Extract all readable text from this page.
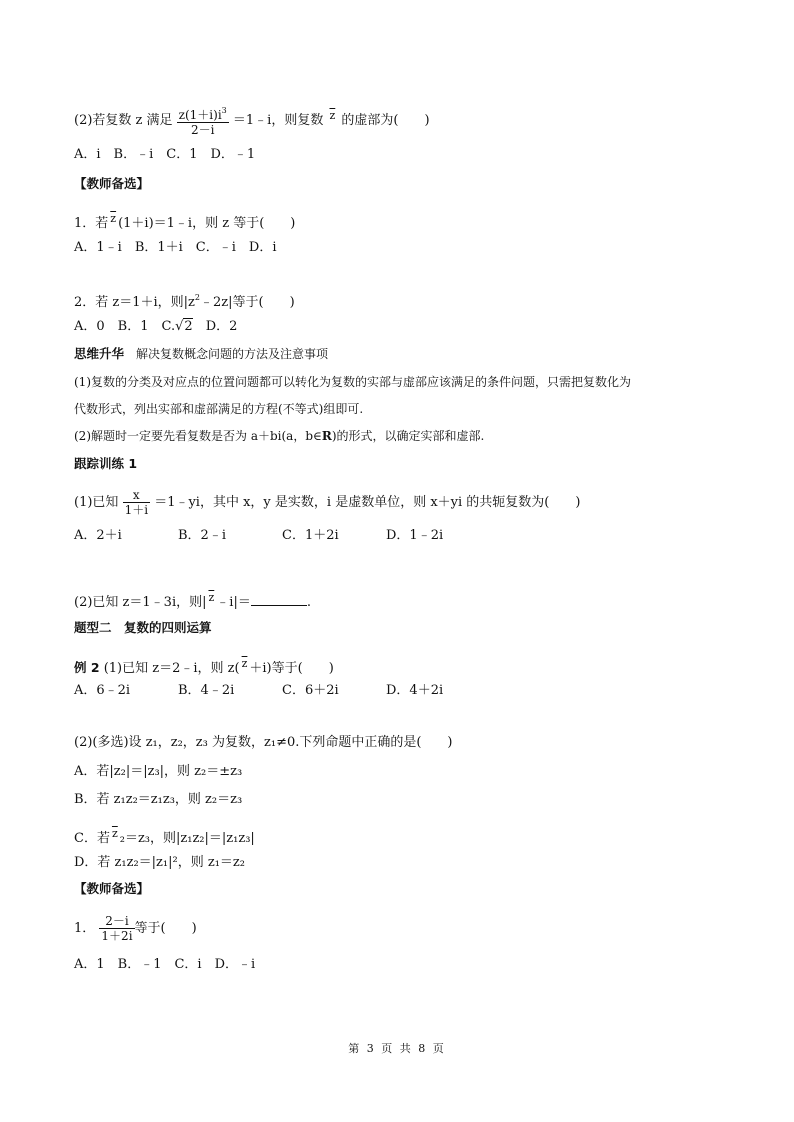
(2)若复数 z 满足 $\frac{z(1+i)i^3}{2-i}$ ＝1﹣i，则复数 $\overline{z}$ 的虚部为(　　)
A．i　B．﹣i　C．1　D．﹣1
【教师备选】
1．若 $\overline{z}$ (1＋i)＝1﹣i，则 z 等于(　　)
A．1﹣i　B．1＋i　C．﹣i　D．i
2．若 z＝1＋i，则$|z^2﹣2z|$等于(　　)
A．0　B．1　C.√2　D．2
思维升华　解决复数概念问题的方法及注意事项
(1)复数的分类及对应点的位置问题都可以转化为复数的实部与虚部应该满足的条件问题，只需把复数化为
代数形式，列出实部和虚部满足的方程(不等式)组即可.
(2)解题时一定要先看复数是否为 a＋bi(a，b∈R)的形式，以确定实部和虚部.
跟踪训练 1
(1)已知 $\frac{x}{1+i}$ ＝1﹣yi，其中 x，y 是实数，i 是虚数单位，则 x＋yi 的共轭复数为(　　)
A．2＋i	B．2﹣i	C．1＋2i	D．1﹣2i
(2)已知 z＝1﹣3i，则| $\overline{z}$ ﹣i|＝	.
题型二　复数的四则运算
例 2 (1)已知 z＝2﹣i，则 z( $\overline{z} +i$)等于(　　)
A．6﹣2i	B．4﹣2i	C．6＋2i	D．4＋2i
(2)(多选)设 z₁，z₂，z₃ 为复数，z₁≠0.下列命题中正确的是(　　)
A．若|z₂|＝|z₃|，则 z₂＝±z₃
B．若 z₁z₂＝z₁z₃，则 z₂＝z₃
C．若 $\overline{z}$ ₂＝z₃，则|z₁z₂|＝|z₁z₃|
D．若 z₁z₂＝|z₁|²，则 z₁＝z₂
【教师备选】
1． $\frac{2-i}{1+2i}$ 等于(　　)
A．1　B．﹣1　C．i　D．﹣i
第 3 页 共 8 页
